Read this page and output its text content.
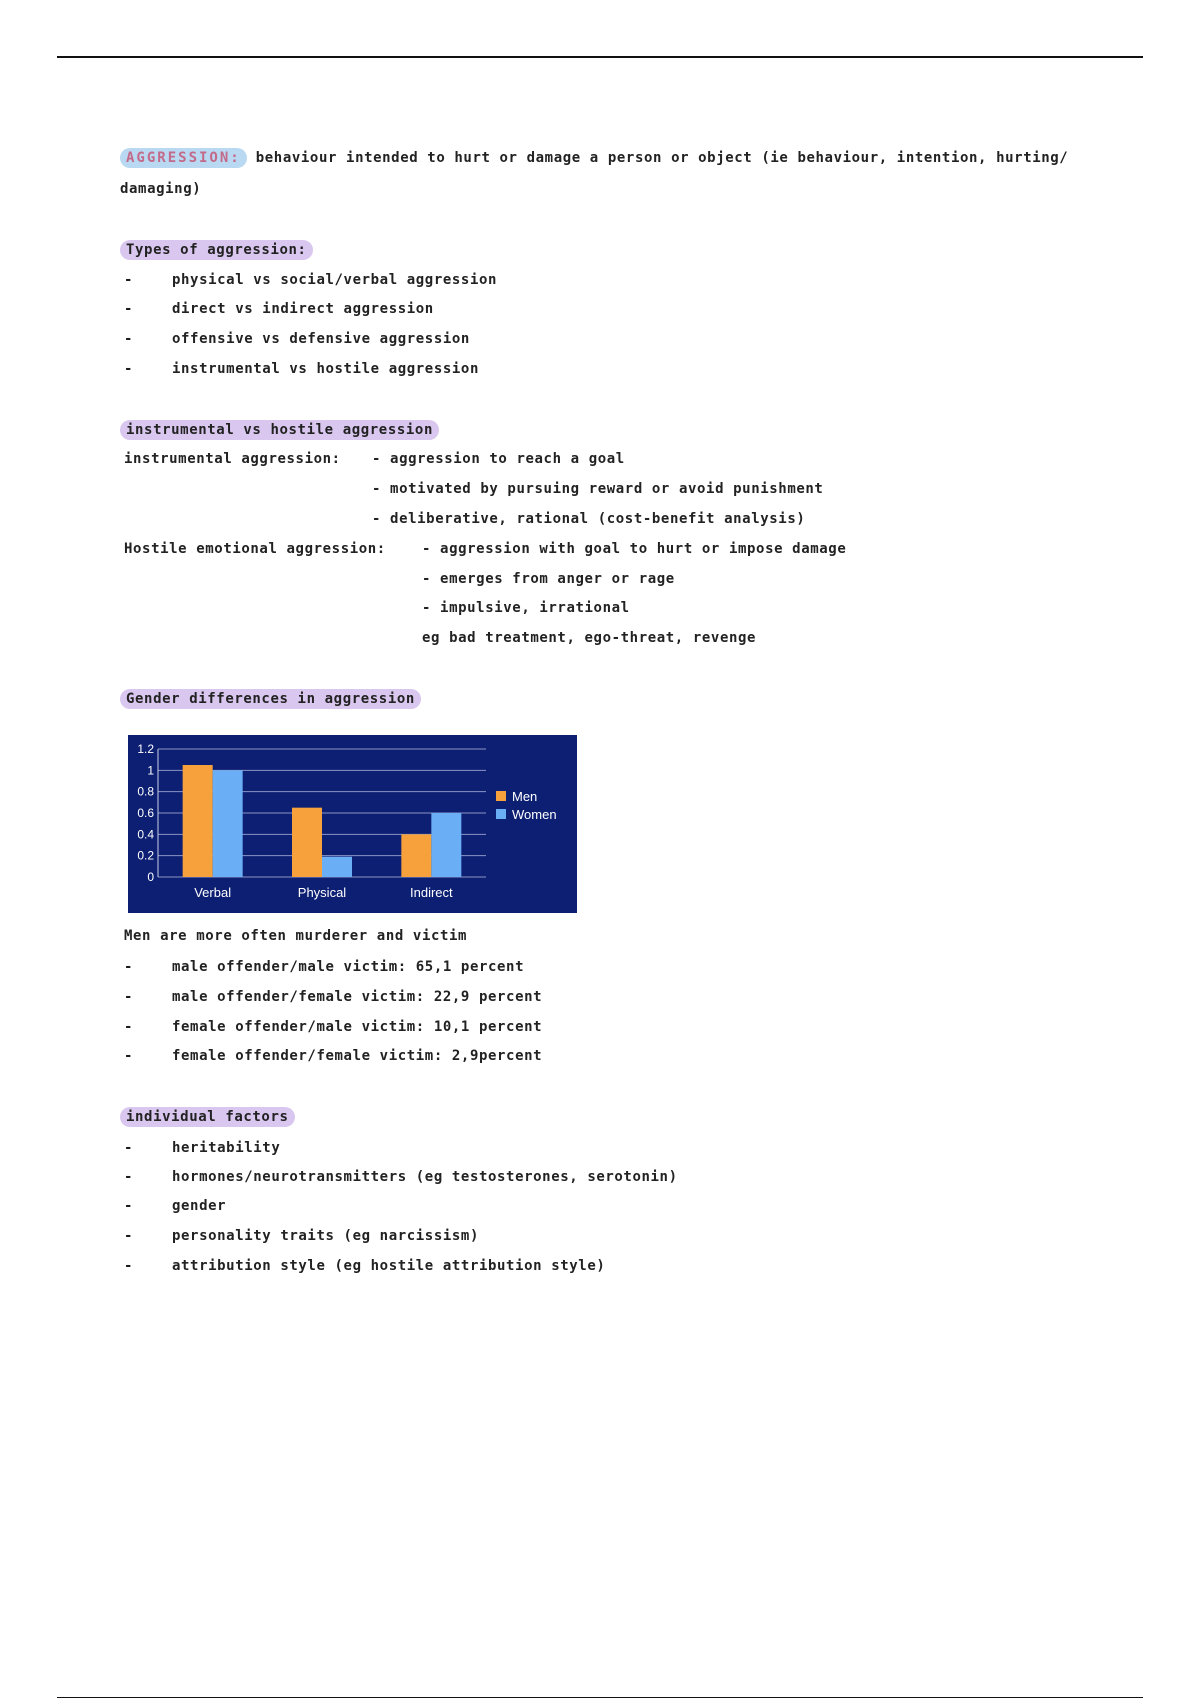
AGGRESSION: behaviour intended to hurt or damage a person or object (ie behaviour, intention, hurting/
damaging)
Types of aggression:
-	physical vs social/verbal aggression
-	direct vs indirect aggression
-	offensive vs defensive aggression
-	instrumental vs hostile aggression
instrumental vs hostile aggression
instrumental aggression: - aggression to reach a goal
- motivated by pursuing reward or avoid punishment
- deliberative, rational (cost-benefit analysis)
Hostile emotional aggression:	- aggression with goal to hurt or impose damage
- emerges from anger or rage
- impulsive, irrational
eg bad treatment, ego-threat, revenge
Gender differences in aggression
0
0.2
0.4
0.6
0.8
1
1.2
Verbal	Physical	Indirect
Men
Women
Men are more often murderer and victim
-	male offender/male victim: 65,1 percent
-	male offender/female victim: 22,9 percent
-	female offender/male victim: 10,1 percent
-	female offender/female victim: 2,9percent
individual factors
-	heritability
-	hormones/neurotransmitters (eg testosterones, serotonin)
-	gender
-	personality traits (eg narcissism)
-	attribution style (eg hostile attribution style)
